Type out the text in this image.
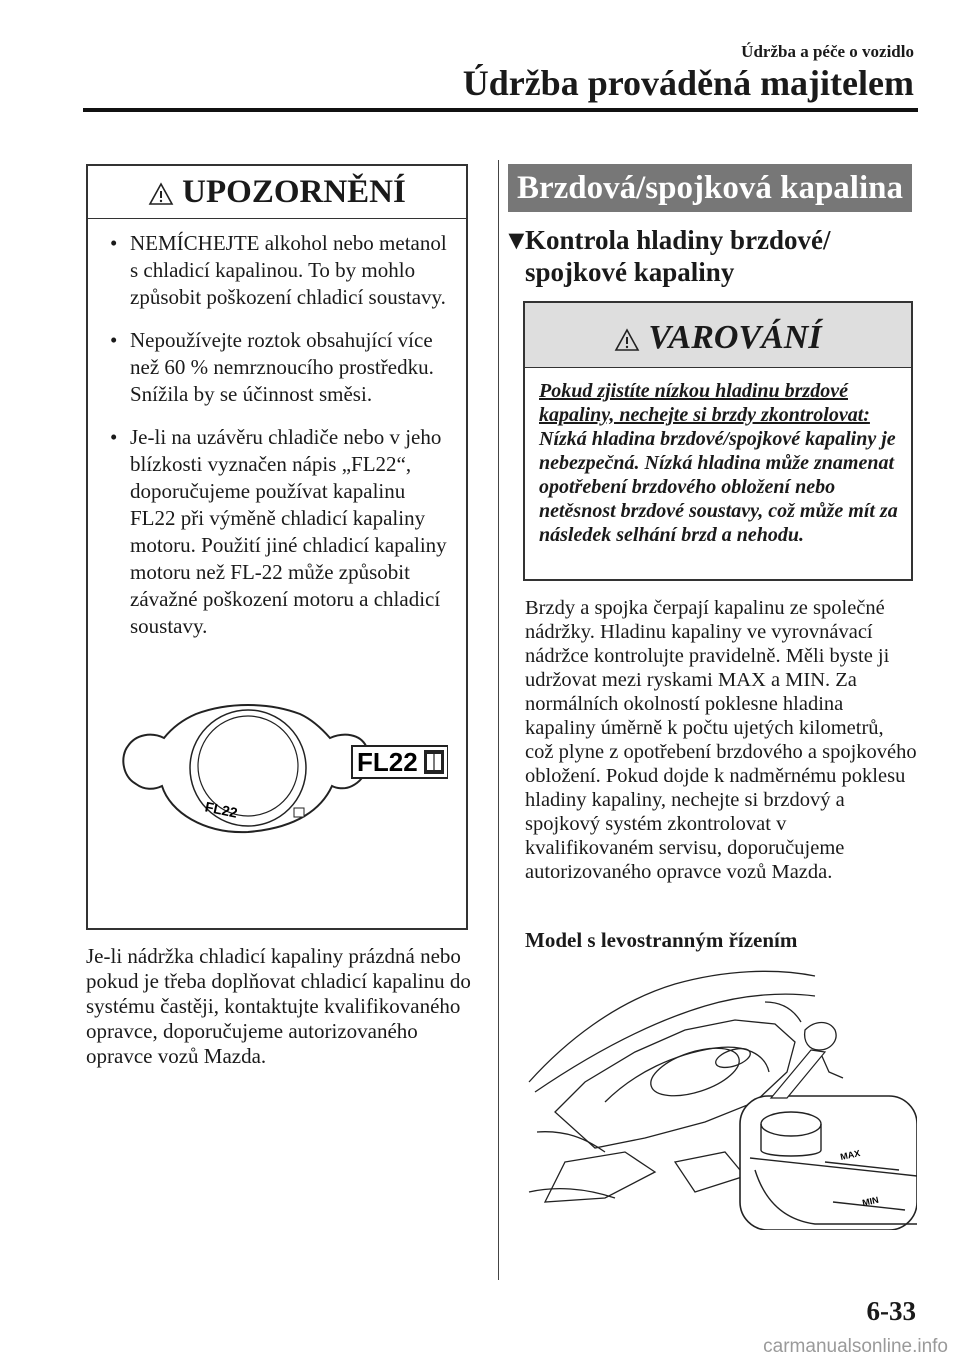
Údržba a péče o vozidlo
Údržba prováděná majitelem
UPOZORNĚNÍ
• NEMÍCHEJTE alkohol nebo metanol s chladicí kapalinou. To by mohlo způsobit poškození chladicí soustavy.
• Nepoužívejte roztok obsahující více než 60 % nemrznoucího prostředku. Snížila by se účinnost směsi.
• Je-li na uzávěru chladiče nebo v jeho blízkosti vyznačen nápis „FL22“, doporučujeme používat kapalinu FL22 při výměně chladicí kapaliny motoru. Použití jiné chladicí kapaliny motoru než FL-22 může způsobit závažné poškození motoru a chladicí soustavy.
FL22
FL22
Je-li nádržka chladicí kapaliny prázdná nebo pokud je třeba doplňovat chladicí kapalinu do systému častěji, kontaktujte kvalifikovaného opravce, doporučujeme autorizovaného opravce vozů Mazda.
Brzdová/spojková kapalina
▼
Kontrola hladiny brzdové/ spojkové kapaliny
VAROVÁNÍ
Pokud zjistíte nízkou hladinu brzdové kapaliny, nechejte si brzdy zkontrolovat: Nízká hladina brzdové/spojkové kapaliny je nebezpečná. Nízká hladina může znamenat opotřebení brzdového obložení nebo netěsnost brzdové soustavy, což může mít za následek selhání brzd a nehodu.
Brzdy a spojka čerpají kapalinu ze společné nádržky. Hladinu kapaliny ve vyrovnávací nádržce kontrolujte pravidelně. Měli byste ji udržovat mezi ryskami MAX a MIN. Za normálních okolností poklesne hladina kapaliny úměrně k počtu ujetých kilometrů, což plyne z opotřebení brzdového a spojkového obložení. Pokud dojde k nadměrnému poklesu hladiny kapaliny, nechejte si brzdový a spojkový systém zkontrolovat v kvalifikovaném servisu, doporučujeme autorizovaného opravce vozů Mazda.
Model s levostranným řízením
MAX
MIN
6-33
carmanualsonline.info
